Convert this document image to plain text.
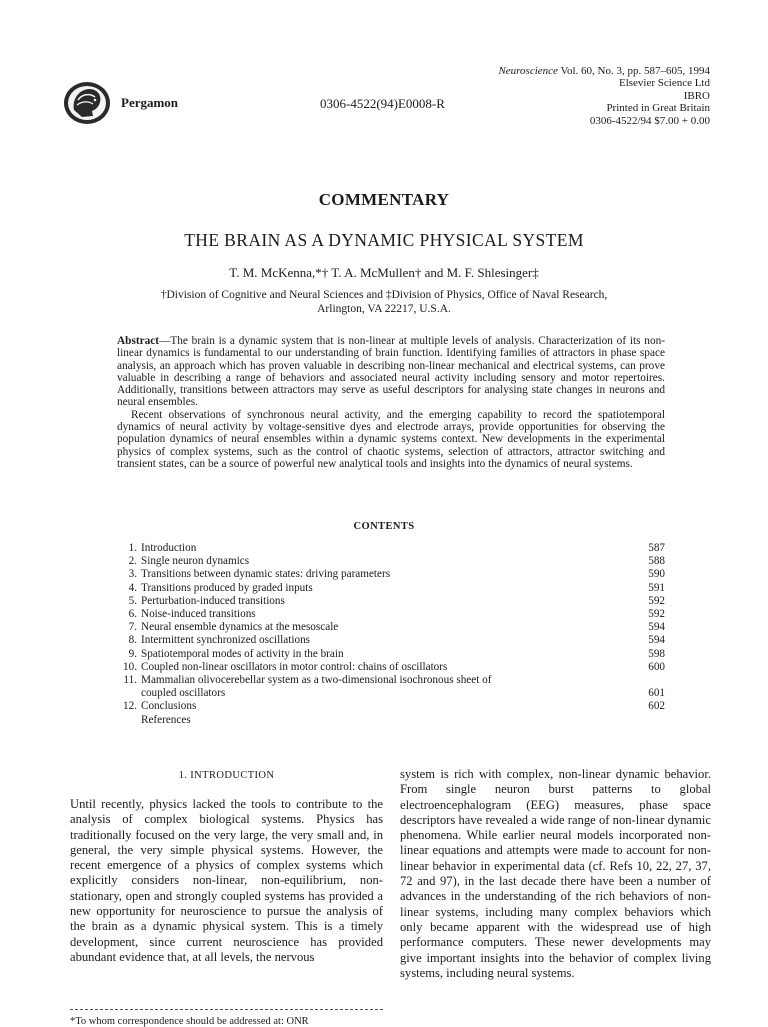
Pergamon	0306-4522(94)E0008-R
Neuroscience Vol. 60, No. 3, pp. 587–605, 1994
Elsevier Science Ltd
IBRO
Printed in Great Britain
0306-4522/94 $7.00 + 0.00
COMMENTARY
THE BRAIN AS A DYNAMIC PHYSICAL SYSTEM
T. M. McKenna,*† T. A. McMullen† and M. F. Shlesinger‡
†Division of Cognitive and Neural Sciences and ‡Division of Physics, Office of Naval Research,
Arlington, VA 22217, U.S.A.

Abstract—The brain is a dynamic system that is non-linear at multiple levels of analysis. Characterization of its non-linear dynamics is fundamental to our understanding of brain function. Identifying families of attractors in phase space analysis, an approach which has proven valuable in describing non-linear mechanical and electrical systems, can prove valuable in describing a range of behaviors and associated neural activity including sensory and motor repertoires. Additionally, transitions between attractors may serve as useful descriptors for analysing state changes in neurons and neural ensembles.

Recent observations of synchronous neural activity, and the emerging capability to record the spatiotemporal dynamics of neural activity by voltage-sensitive dyes and electrode arrays, provide opportunities for observing the population dynamics of neural ensembles within a dynamic systems context. New developments in the experimental physics of complex systems, such as the control of chaotic systems, selection of attractors, attractor switching and transient states, can be a source of powerful new analytical tools and insights into the dynamics of neural systems.

CONTENTS
1. Introduction	587
2. Single neuron dynamics	588
3. Transitions between dynamic states: driving parameters	590
4. Transitions produced by graded inputs	591
5. Perturbation-induced transitions	592
6. Noise-induced transitions	592
7. Neural ensemble dynamics at the mesoscale	594
8. Intermittent synchronized oscillations	594
9. Spatiotemporal modes of activity in the brain	598
10. Coupled non-linear oscillators in motor control: chains of oscillators	600
11. Mammalian olivocerebellar system as a two-dimensional isochronous sheet of
coupled oscillators	601
12. Conclusions	602
References
1. INTRODUCTION

Until recently, physics lacked the tools to contribute to the analysis of complex biological systems. Physics has traditionally focused on the very large, the very small and, in general, the very simple physical systems. However, the recent emergence of a physics of complex systems which explicitly considers non-linear, non-equilibrium, non-stationary, open and strongly coupled systems has provided a new opportunity for neuroscience to pursue the analysis of the brain as a dynamic physical system. This is a timely development, since current neuroscience has provided abundant evidence that, at all levels, the nervous

system is rich with complex, non-linear dynamic behavior. From single neuron burst patterns to global electroencephalogram (EEG) measures, phase space descriptors have revealed a wide range of non-linear dynamic phenomena. While earlier neural models incorporated non-linear equations and attempts were made to account for non-linear behavior in experimental data (cf. Refs 10, 22, 27, 37, 72 and 97), in the last decade there have been a number of advances in the understanding of the rich behaviors of non-linear systems, including many complex behaviors which only became apparent with the widespread use of high performance computers. These newer developments may give important insights into the behavior of complex living systems, including neural systems.

*To whom correspondence should be addressed at: ONR
